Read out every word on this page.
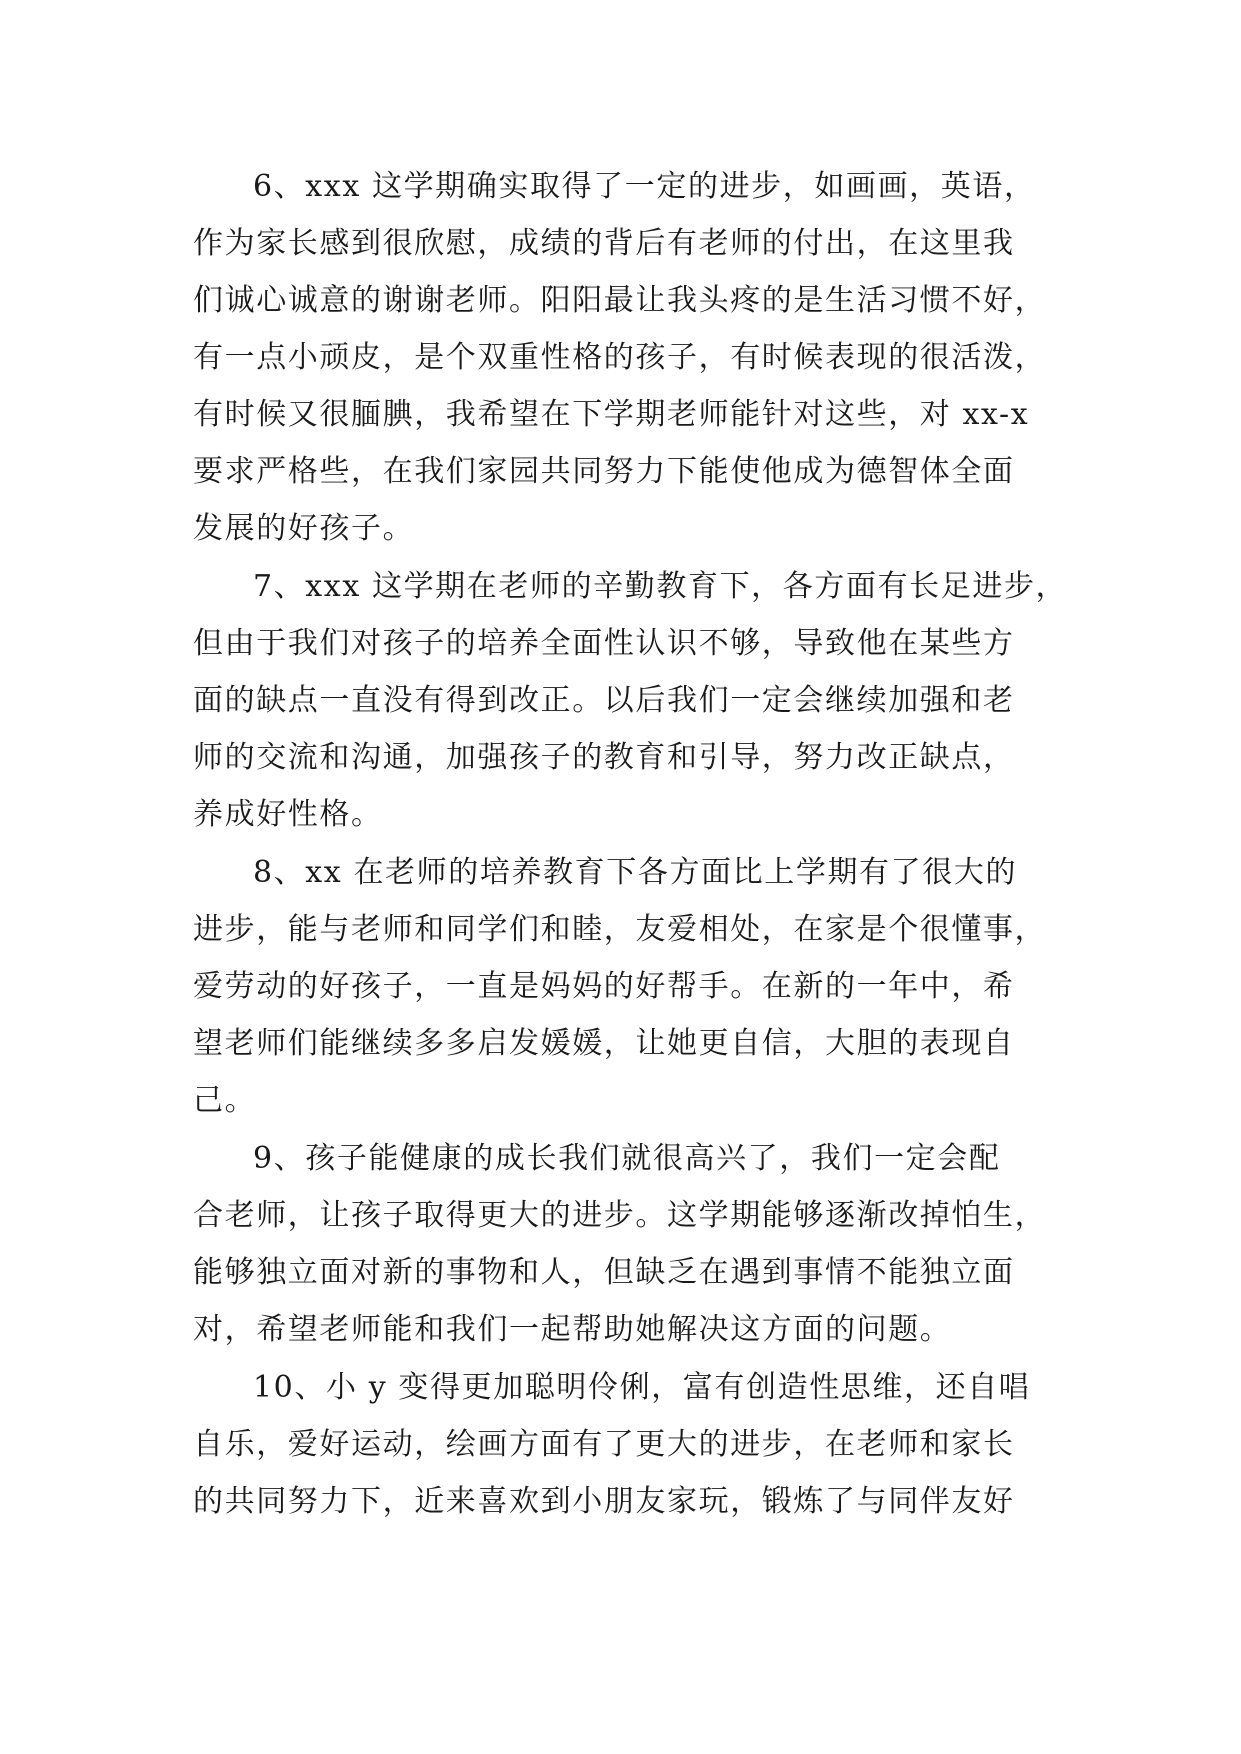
6、xxx 这学期确实取得了一定的进步，如画画，英语，
作为家长感到很欣慰，成绩的背后有老师的付出，在这里我
们诚心诚意的谢谢老师。阳阳最让我头疼的是生活习惯不好，
有一点小顽皮，是个双重性格的孩子，有时候表现的很活泼，
有时候又很腼腆，我希望在下学期老师能针对这些，对 xx-x
要求严格些，在我们家园共同努力下能使他成为德智体全面
发展的好孩子。
7、xxx 这学期在老师的辛勤教育下，各方面有长足进步，
但由于我们对孩子的培养全面性认识不够，导致他在某些方
面的缺点一直没有得到改正。以后我们一定会继续加强和老
师的交流和沟通，加强孩子的教育和引导，努力改正缺点，
养成好性格。
8、xx 在老师的培养教育下各方面比上学期有了很大的
进步，能与老师和同学们和睦，友爱相处，在家是个很懂事，
爱劳动的好孩子，一直是妈妈的好帮手。在新的一年中，希
望老师们能继续多多启发媛媛，让她更自信，大胆的表现自
己。
9、孩子能健康的成长我们就很高兴了，我们一定会配
合老师，让孩子取得更大的进步。这学期能够逐渐改掉怕生，
能够独立面对新的事物和人，但缺乏在遇到事情不能独立面
对，希望老师能和我们一起帮助她解决这方面的问题。
10、小 y 变得更加聪明伶俐，富有创造性思维，还自唱
自乐，爱好运动，绘画方面有了更大的进步，在老师和家长
的共同努力下，近来喜欢到小朋友家玩，锻炼了与同伴友好
